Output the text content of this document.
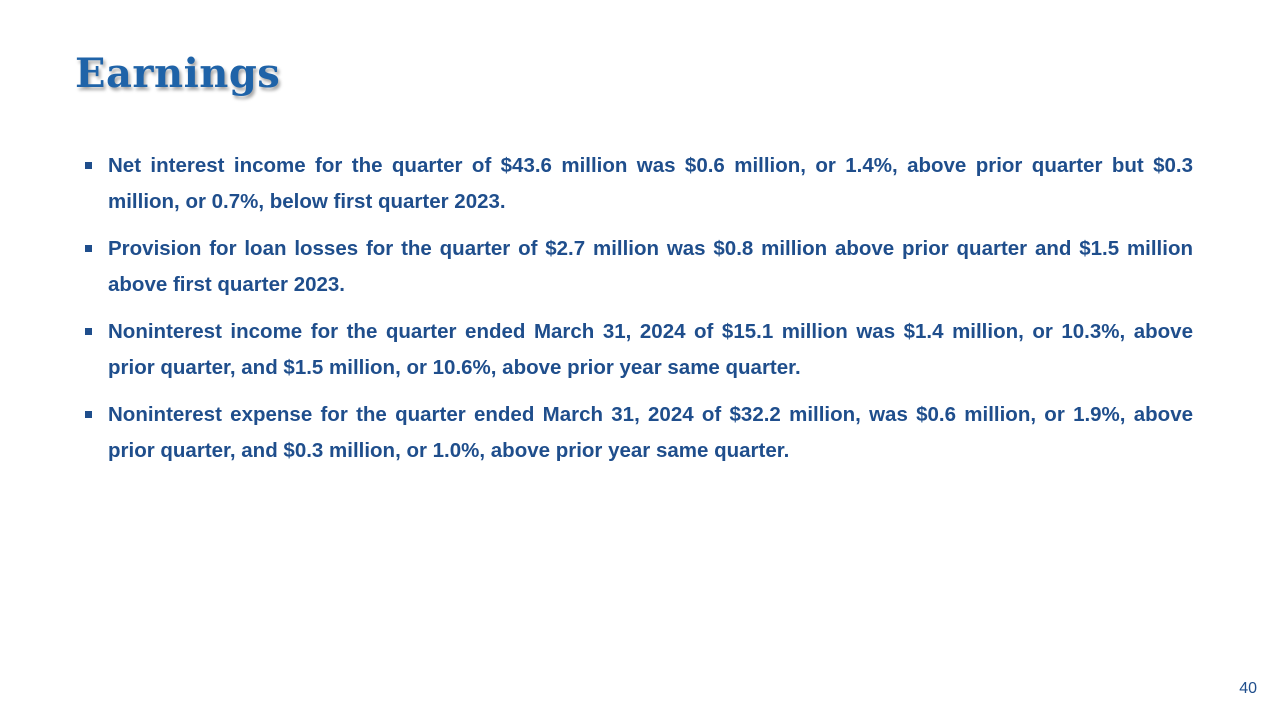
Earnings
Net interest income for the quarter of $43.6 million was $0.6 million, or 1.4%, above prior quarter but $0.3 million, or 0.7%, below first quarter 2023.
Provision for loan losses for the quarter of $2.7 million was $0.8 million above prior quarter and $1.5 million above first quarter 2023.
Noninterest income for the quarter ended March 31, 2024 of $15.1 million was $1.4 million, or 10.3%, above prior quarter, and $1.5 million, or 10.6%, above prior year same quarter.
Noninterest expense for the quarter ended March 31, 2024 of $32.2 million, was $0.6 million, or 1.9%, above prior quarter, and $0.3 million, or 1.0%, above prior year same quarter.
40
